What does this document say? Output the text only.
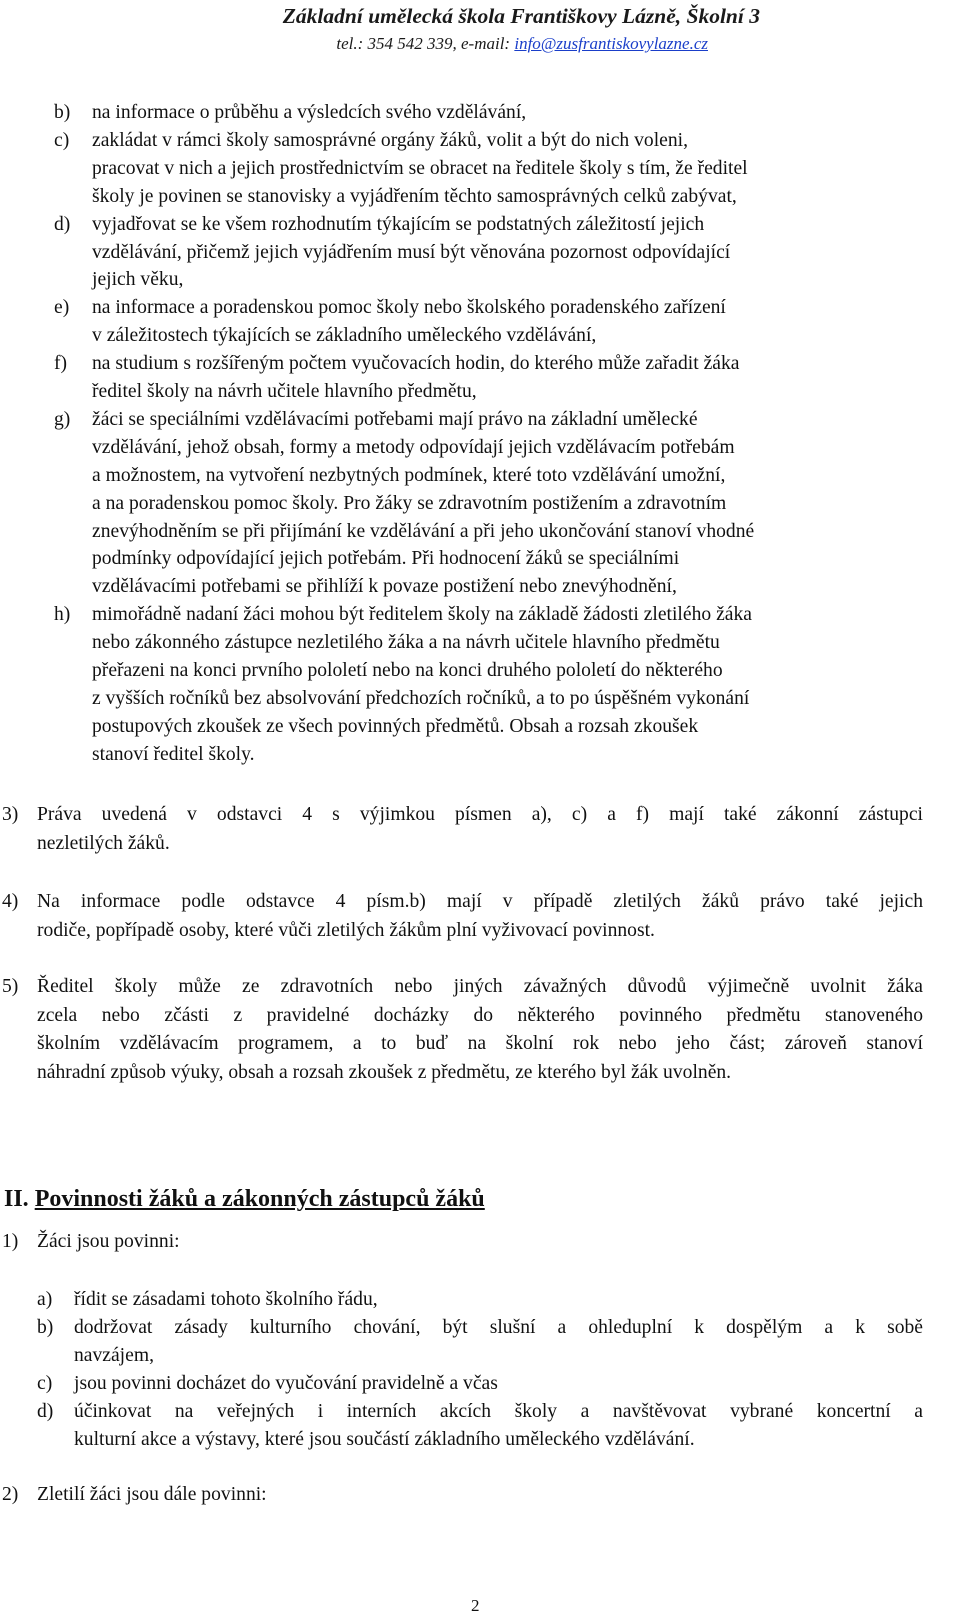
Základní umělecká škola Františkovy Lázně, Školní 3
tel.: 354 542 339, e-mail: info@zusfrantiskovylazne.cz
b) na informace o průběhu a výsledcích svého vzdělávání,
c) zakládat v rámci školy samosprávné orgány žáků, volit a být do nich voleni,
pracovat v nich a jejich prostřednictvím se obracet na ředitele školy s tím, že ředitel
školy je povinen se stanovisky a vyjádřením těchto samosprávných celků zabývat,
d) vyjadřovat se ke všem rozhodnutím týkajícím se podstatných záležitostí jejich
vzdělávání, přičemž jejich vyjádřením musí být věnována pozornost odpovídající
jejich věku,
e) na informace a poradenskou pomoc školy nebo školského poradenského zařízení
v záležitostech týkajících se základního uměleckého vzdělávání,
f) na studium s rozšířeným počtem vyučovacích hodin, do kterého může zařadit žáka
ředitel školy na návrh učitele hlavního předmětu,
g) žáci se speciálními vzdělávacími potřebami mají právo na základní umělecké
vzdělávání, jehož obsah, formy a metody odpovídají jejich vzdělávacím potřebám
a možnostem, na vytvoření nezbytných podmínek, které toto vzdělávání umožní,
a na poradenskou pomoc školy. Pro žáky se zdravotním postižením a zdravotním
znevýhodněním se při přijímání ke vzdělávání a při jeho ukončování stanoví vhodné
podmínky odpovídající jejich potřebám. Při hodnocení žáků se speciálními
vzdělávacími potřebami se přihlíží k povaze postižení nebo znevýhodnění,
h) mimořádně nadaní žáci mohou být ředitelem školy na základě žádosti zletilého žáka
nebo zákonného zástupce nezletilého žáka a na návrh učitele hlavního předmětu
přeřazeni na konci prvního pololetí nebo na konci druhého pololetí do některého
z vyšších ročníků bez absolvování předchozích ročníků, a to po úspěšném vykonání
postupových zkoušek ze všech povinných předmětů. Obsah a rozsah zkoušek
stanoví ředitel školy.
3) Práva uvedená v odstavci 4 s výjimkou písmen a), c) a f) mají také zákonní zástupci
nezletilých žáků.
4) Na informace podle odstavce 4 písm.b) mají v případě zletilých žáků právo také jejich
rodiče, popřípadě osoby, které vůči zletilých žákům plní vyživovací povinnost.
5) Ředitel školy může ze zdravotních nebo jiných závažných důvodů výjimečně uvolnit žáka
zcela nebo zčásti z pravidelné docházky do některého povinného předmětu stanoveného
školním vzdělávacím programem, a to buď na školní rok nebo jeho část; zároveň stanoví
náhradní způsob výuky, obsah a rozsah zkoušek z předmětu, ze kterého byl žák uvolněn.
1) Žáci jsou povinni:
a) řídit se zásadami tohoto školního řádu,
b) dodržovat zásady kulturního chování, být slušní a ohleduplní k dospělým a k sobě
navzájem,
c) jsou povinni docházet do vyučování pravidelně a včas
d) účinkovat na veřejných i interních akcích školy a navštěvovat vybrané koncertní a
kulturní akce a výstavy, které jsou součástí základního uměleckého vzdělávání.
2) Zletilí žáci jsou dále povinni:
II. Povinnosti žáků a zákonných zástupců žáků
2
